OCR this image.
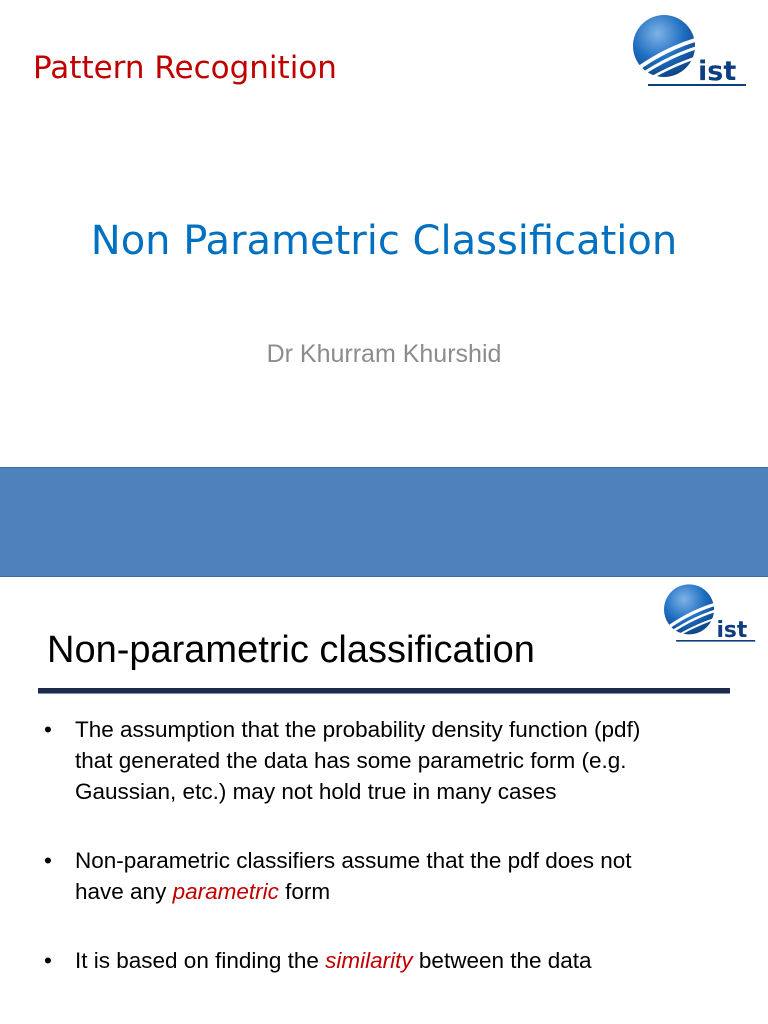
Pattern Recognition	ist
Non Parametric Classification
Dr Khurram Khurshid
Non-parametric classification
• The assumption that the probability density function (pdf) that generated the data has some parametric form (e.g. Gaussian, etc.) may not hold true in many cases
• Non-parametric classifiers assume that the pdf does not have any parametric form
• It is based on finding the similarity between the data
ist
